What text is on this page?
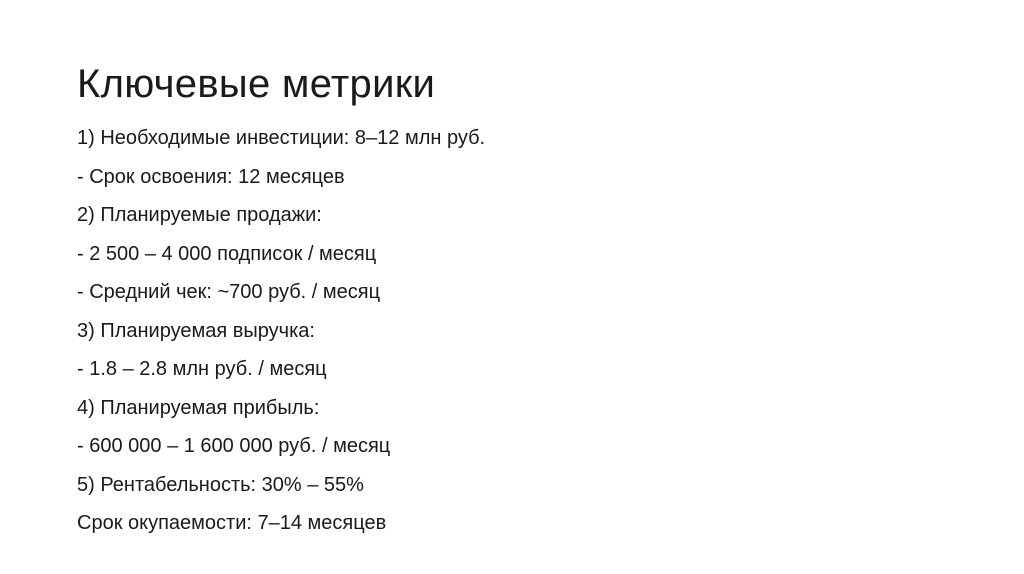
Ключевые метрики
1) Необходимые инвестиции: 8–12 млн руб.
- Срок освоения: 12 месяцев
2) Планируемые продажи:
- 2 500 – 4 000 подписок / месяц
- Средний чек: ~700 руб. / месяц
3) Планируемая выручка:
- 1.8 – 2.8 млн руб. / месяц
4) Планируемая прибыль:
- 600 000 – 1 600 000 руб. / месяц
5) Рентабельность: 30% – 55%
Срок окупаемости: 7–14 месяцев
